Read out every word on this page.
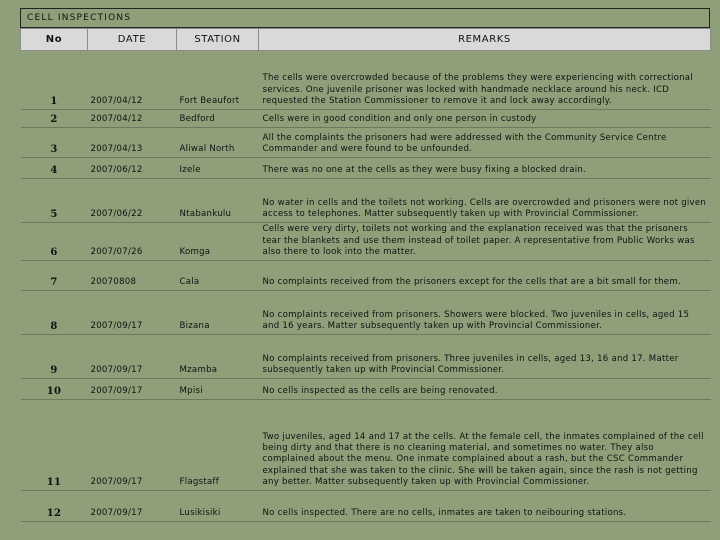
CELL INSPECTIONS
No	DATE	STATION	REMARKS
1	2007/04/12	Fort Beaufort	The cells were overcrowded because of the problems they were experiencing with correctional services. One juvenile prisoner was locked with handmade necklace around his neck. ICD requested the Station Commissioner to remove it and lock away accordingly.
2	2007/04/12	Bedford	Cells were in good condition and only one person in custody
3	2007/04/13	Aliwal North	All the complaints the prisoners had were addressed with the Community Service Centre Commander and were found to be unfounded.
4	2007/06/12	Izele	There was no one at the cells as they were busy fixing a blocked drain.
5	2007/06/22	Ntabankulu	No water in cells and the toilets not working. Cells are overcrowded and prisoners were not given access to telephones. Matter subsequently taken up with Provincial Commissioner.
6	2007/07/26	Komga	Cells were very dirty, toilets not working and the explanation received was that the prisoners tear the blankets and use them instead of toilet paper. A representative from Public Works was also there to look into the matter.
7	20070808	Cala	No complaints received from the prisoners except for the cells that are a bit small for them.
8	2007/09/17	Bizana	No complaints received from prisoners. Showers were blocked. Two juveniles in cells, aged 15 and 16 years. Matter subsequently taken up with Provincial Commissioner.
9	2007/09/17	Mzamba	No complaints received from prisoners. Three juveniles in cells, aged 13, 16 and 17. Matter subsequently taken up with Provincial Commissioner.
10	2007/09/17	Mpisi	No cells inspected as the cells are being renovated.
11	2007/09/17	Flagstaff	Two juveniles, aged 14 and 17 at the cells. At the female cell, the inmates complained of the cell being dirty and that there is no cleaning material, and sometimes no water. They also complained about the menu. One inmate complained about a rash, but the CSC Commander explained that she was taken to the clinic. She will be taken again, since the rash is not getting any better. Matter subsequently taken up with Provincial Commissioner.
12	2007/09/17	Lusikisiki	No cells inspected. There are no cells, inmates are taken to neibouring stations.
